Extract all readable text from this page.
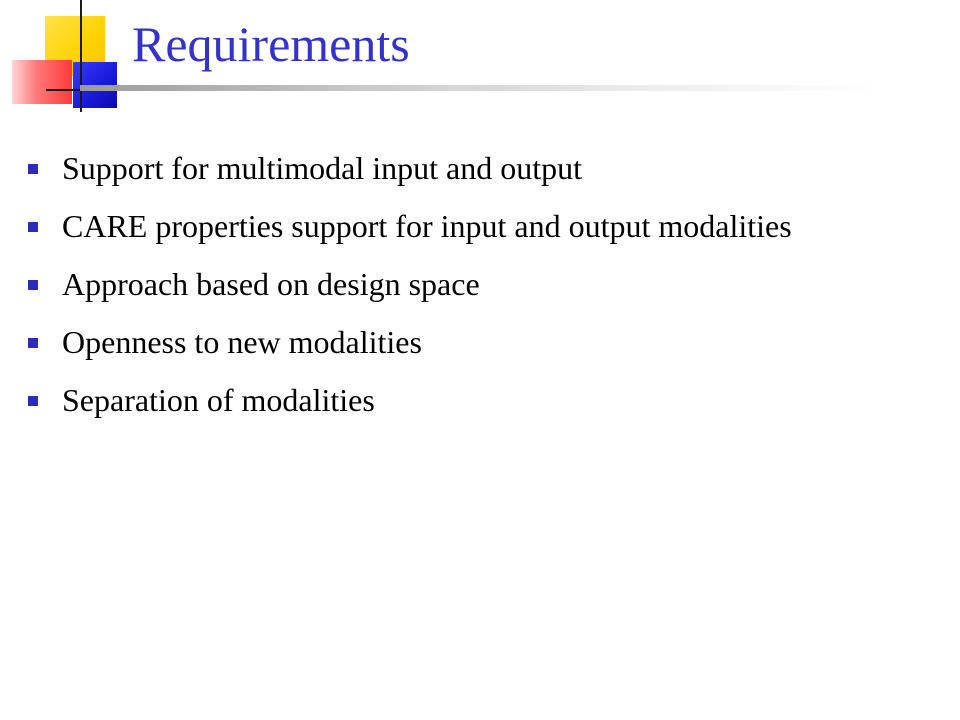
Requirements
Support for multimodal input and output
CARE properties support for input and output modalities
Approach based on design space
Openness to new modalities
Separation of modalities
